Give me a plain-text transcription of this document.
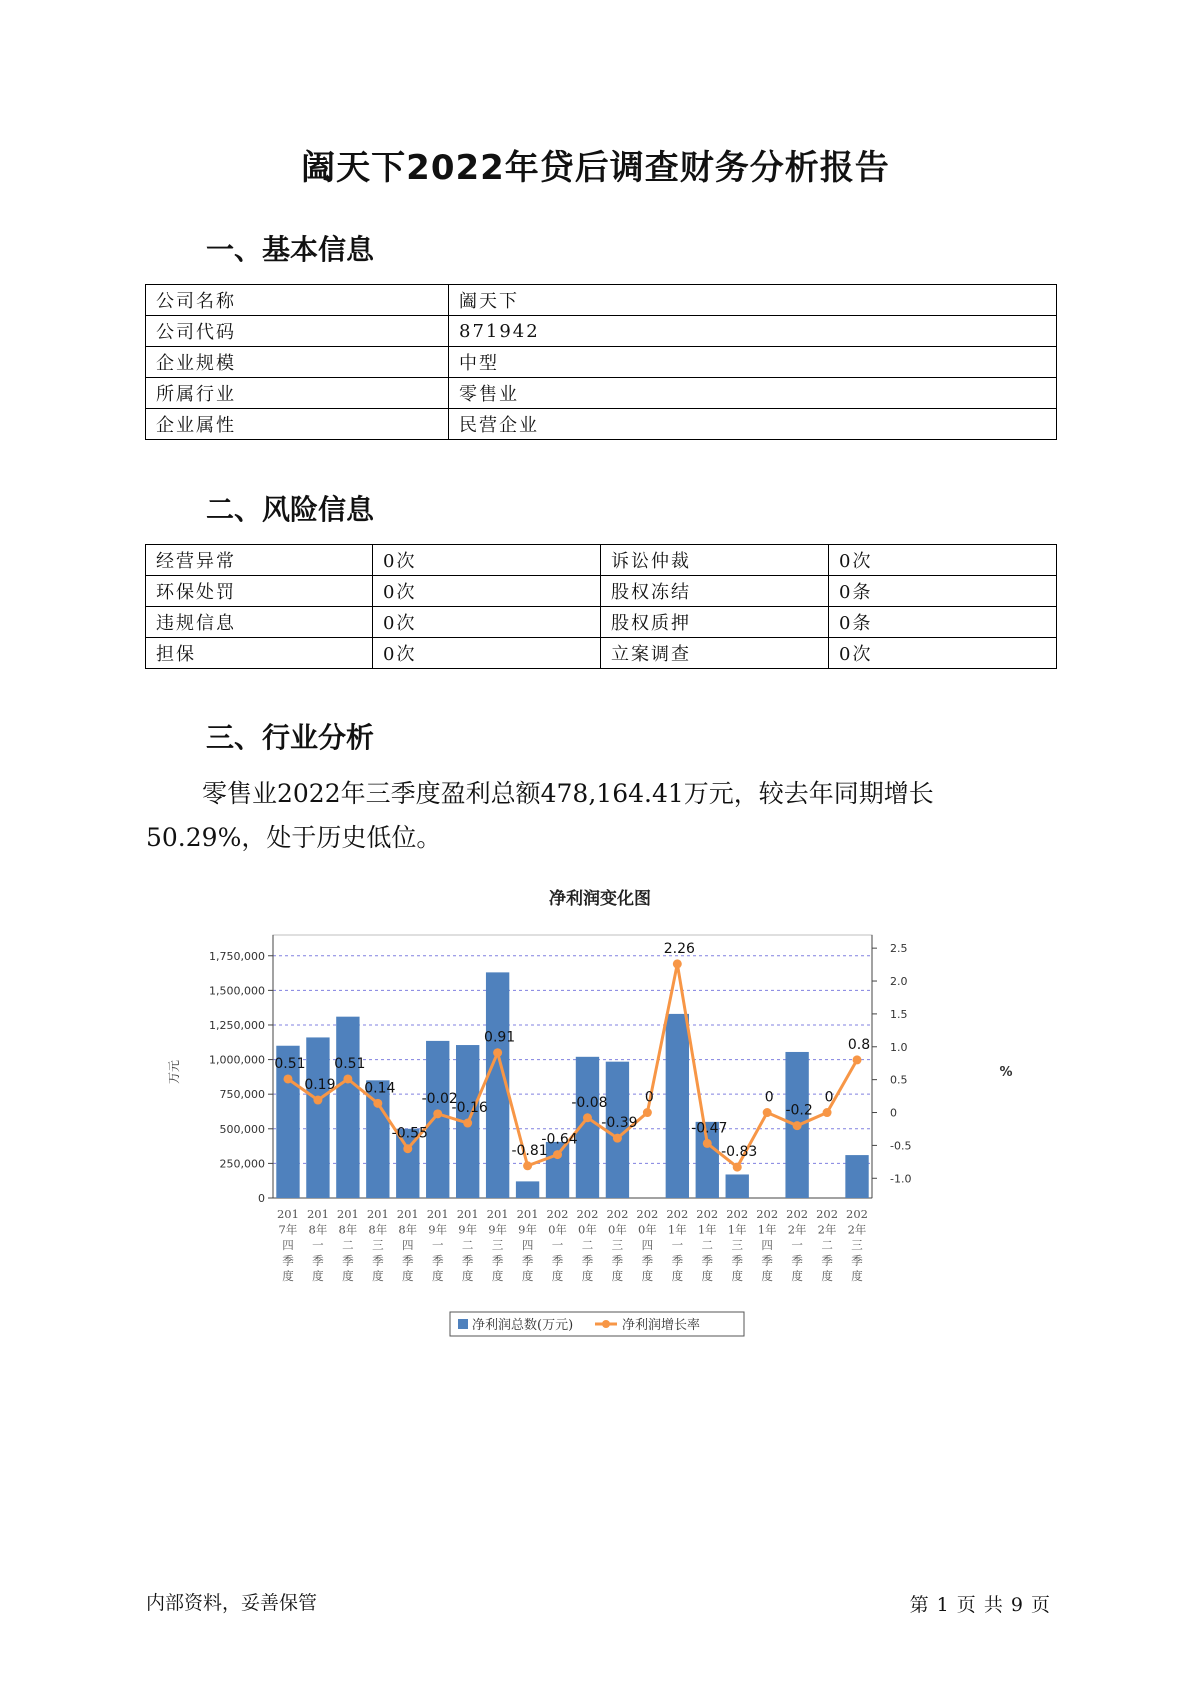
阖天下2022年贷后调查财务分析报告
一、基本信息
公司名称	阖天下
公司代码	871942
企业规模	中型
所属行业	零售业
企业属性	民营企业
二、风险信息
经营异常	0次	诉讼仲裁	0次
环保处罚	0次	股权冻结	0条
违规信息	0次	股权质押	0条
担保	0次	立案调查	0次
三、行业分析
零售业2022年三季度盈利总额478,164.41万元，较去年同期增长50.29%，处于历史低位。
净利润变化图
0
250,000
500,000
750,000
1,000,000
1,250,000
1,500,000
1,750,000
-1.0
-0.5
0
0.5
1.0
1.5
2.0
2.5
万元	%
0.51
0.19
0.51
0.14
-0.55
-0.02
-0.16
0.91
-0.81
-0.64
-0.08
-0.39
0
2.26
-0.47
-0.83
0
-0.2
0
0.8
201 7年四季度
201 8年一季度
201 8年二季度
201 8年三季度
201 8年四季度
201 9年一季度
201 9年二季度
201 9年三季度
201 9年四季度
202 0年一季度
202 0年二季度
202 0年三季度
202 0年四季度
202 1年一季度
202 1年二季度
202 1年三季度
202 1年四季度
202 2年一季度
202 2年二季度
202 2年三季度
净利润总数(万元)	净利润增长率
内部资料，妥善保管	第 1 页 共 9 页
